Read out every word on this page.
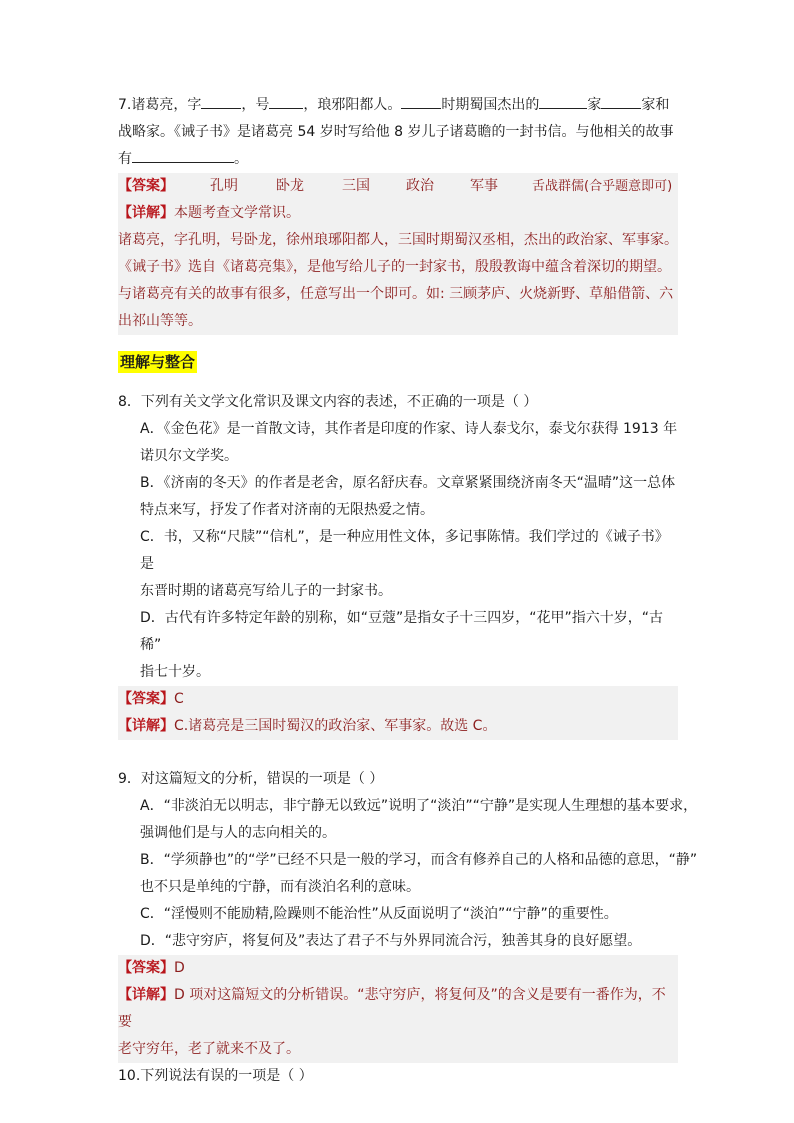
7.诸葛亮，字	，号 ，琅邪阳都人。	时期蜀国杰出的	家	家和
战略家。《诫子书》是诸葛亮 54 岁时写给他 8 岁儿子诸葛瞻的一封书信。与他相关的故事
有	。
【答案】	孔明	卧龙	三国	政治	军事	舌战群儒(合乎题意即可)
【详解】本题考查文学常识。
诸葛亮，字孔明，号卧龙，徐州琅琊阳都人，三国时期蜀汉丞相，杰出的政治家、军事家。
《诫子书》选自《诸葛亮集》，是他写给儿子的一封家书，殷殷教诲中蕴含着深切的期望。
与诸葛亮有关的故事有很多，任意写出一个即可。如: 三顾茅庐、火烧新野、草船借箭、六
出祁山等等。
理解与整合
8．下列有关文学文化常识及课文内容的表述，不正确的一项是（ ）
A．《金色花》是一首散文诗，其作者是印度的作家、诗人泰戈尔，泰戈尔获得 1913 年
诺贝尔文学奖。
B．《济南的冬天》的作者是老舍，原名舒庆春。文章紧紧围绕济南冬天“温晴”这一总体
特点来写，抒发了作者对济南的无限热爱之情。
C．书，又称“尺牍”“信札”，是一种应用性文体，多记事陈情。我们学过的《诫子书》是
东晋时期的诸葛亮写给儿子的一封家书。
D．古代有许多特定年龄的别称，如“豆蔻”是指女子十三四岁，“花甲”指六十岁，“古稀”
指七十岁。
【答案】C
【详解】C.诸葛亮是三国时蜀汉的政治家、军事家。故选 C。
9．对这篇短文的分析，错误的一项是（ ）
A．“非淡泊无以明志，非宁静无以致远”说明了“淡泊”“宁静”是实现人生理想的基本要求，
强调他们是与人的志向相关的。
B．“学须静也”的“学”已经不只是一般的学习，而含有修养自己的人格和品德的意思，“静”
也不只是单纯的宁静，而有淡泊名利的意味。
C．“淫慢则不能励精,险躁则不能治性”从反面说明了“淡泊”“宁静”的重要性。
D．“悲守穷庐，将复何及”表达了君子不与外界同流合污，独善其身的良好愿望。
【答案】D
【详解】D 项对这篇短文的分析错误。“悲守穷庐，将复何及”的含义是要有一番作为，不要
老守穷年，老了就来不及了。
10.下列说法有误的一项是（ ）
